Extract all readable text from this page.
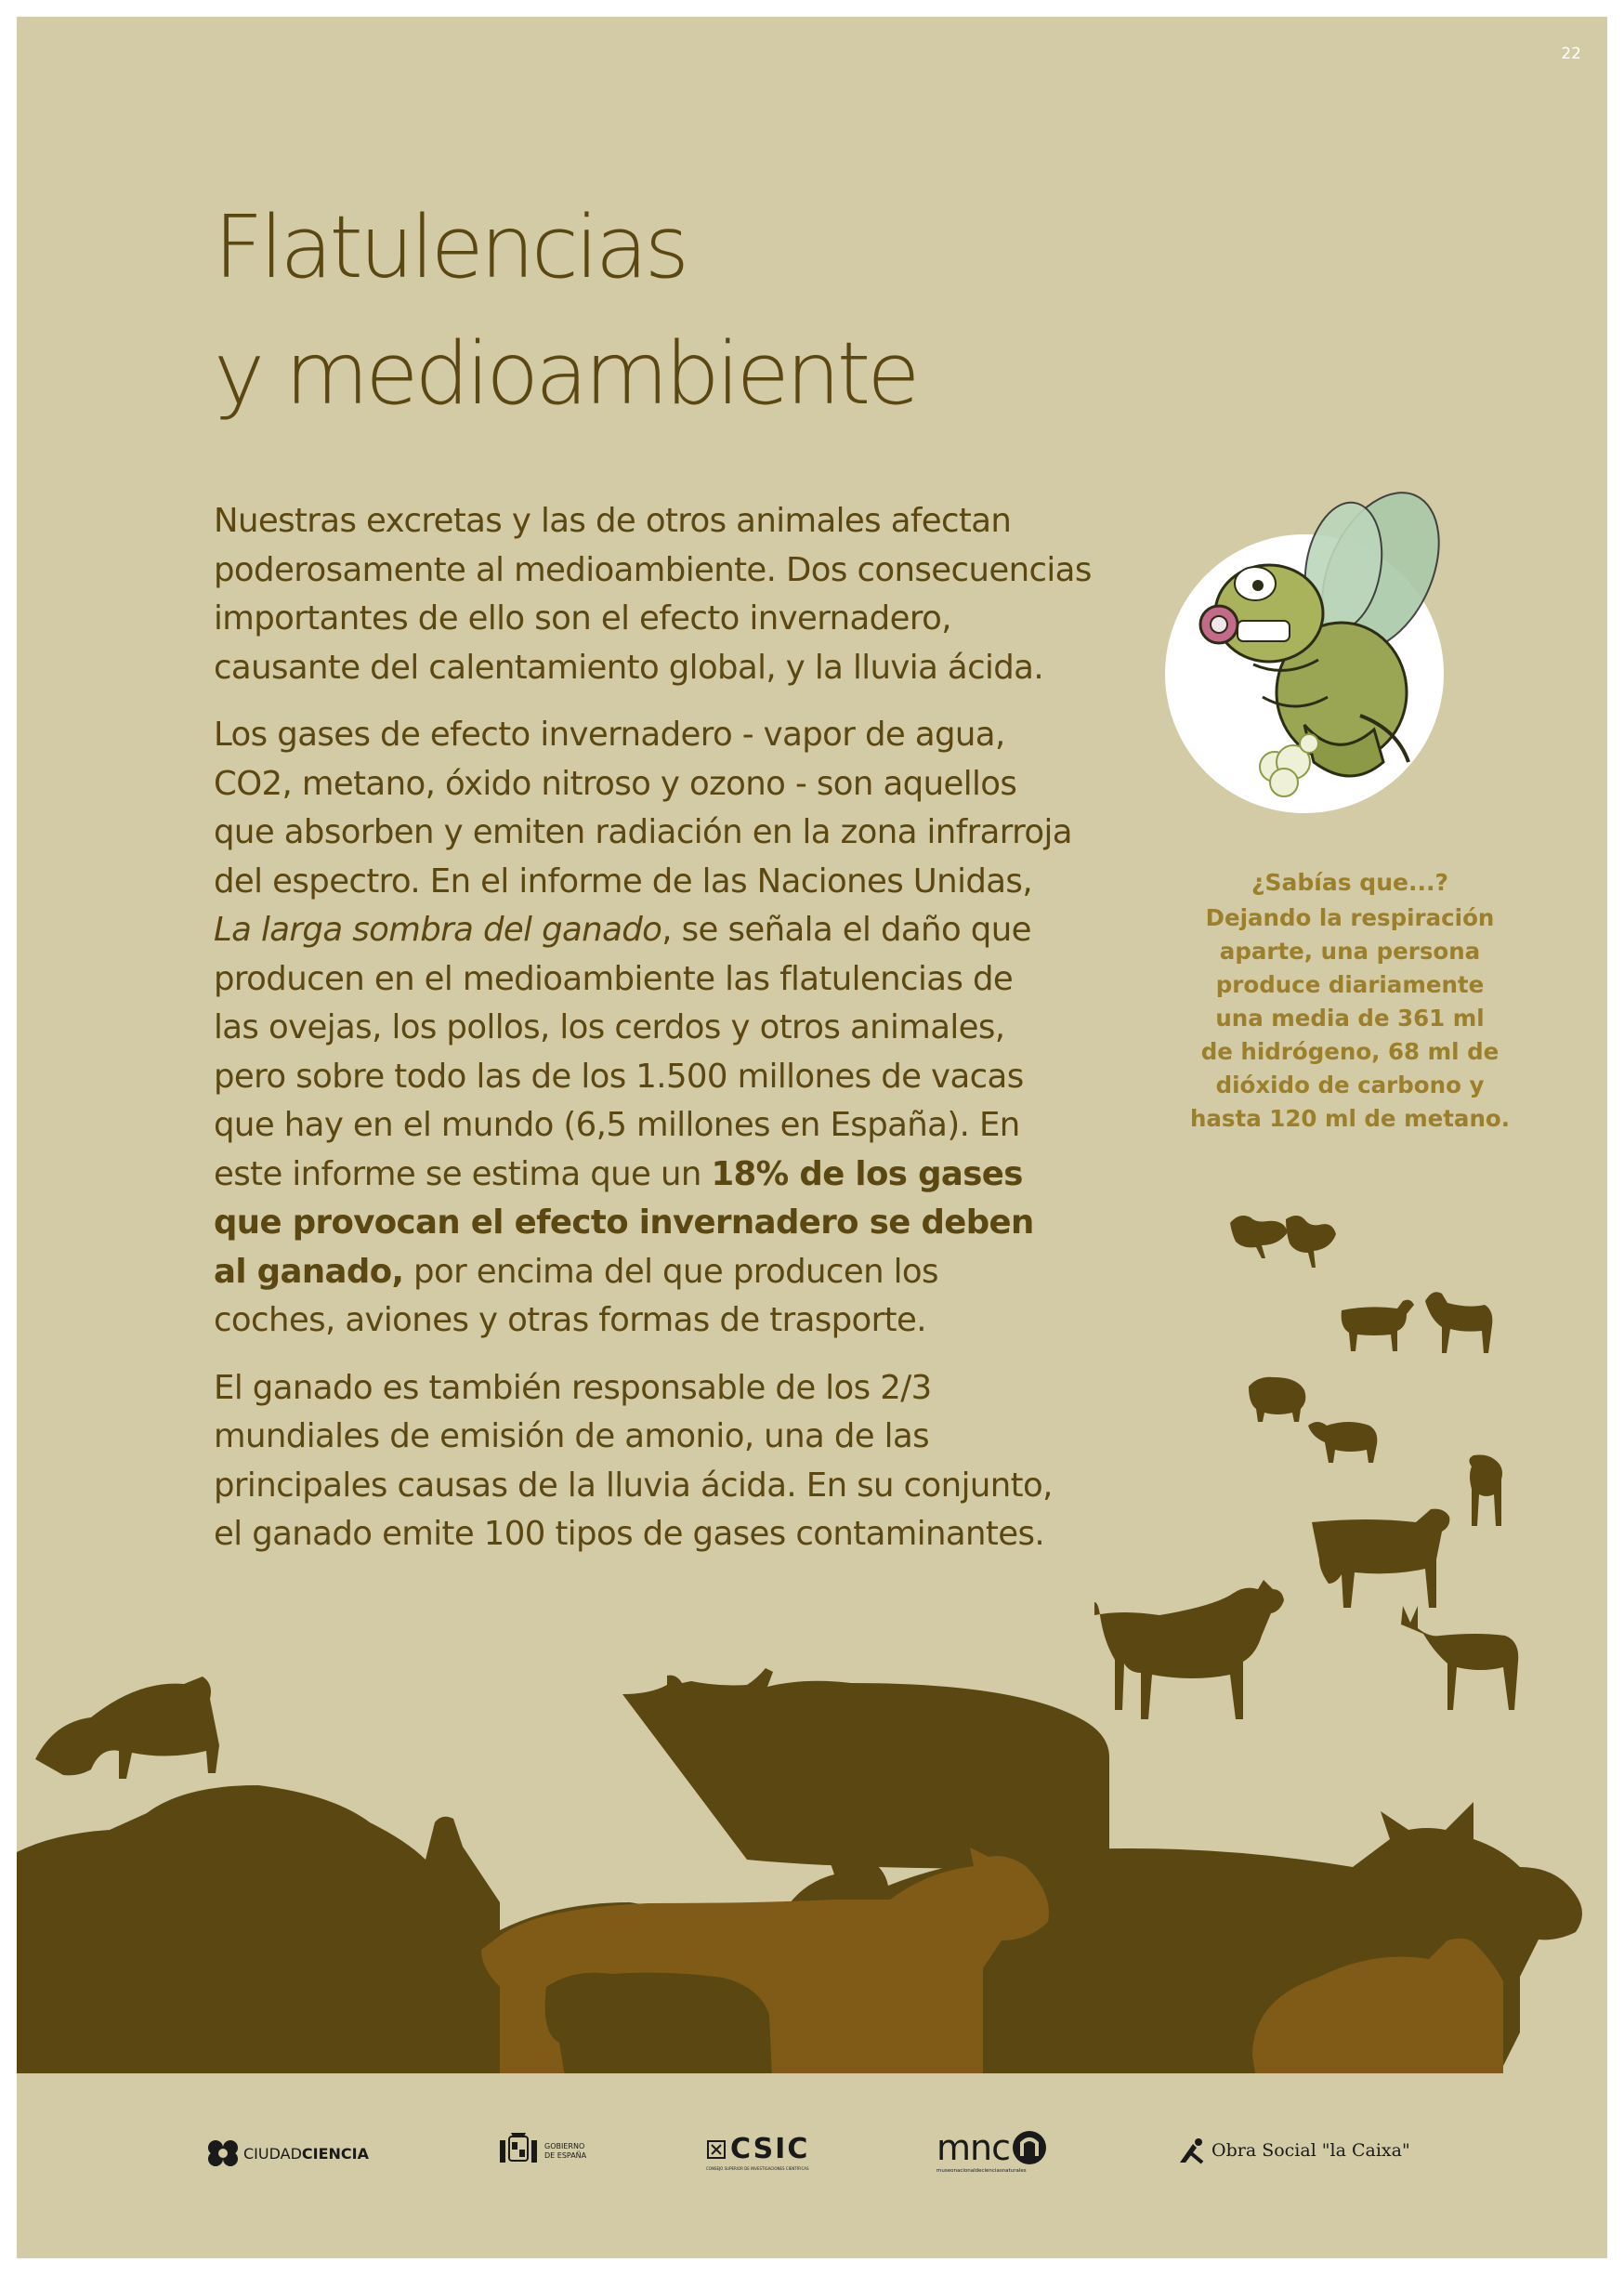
22
Flatulencias
y medioambiente

Nuestras excretas y las de otros animales afectan
poderosamente al medioambiente. Dos consecuencias
importantes de ello son el efecto invernadero,
causante del calentamiento global, y la lluvia ácida.

Los gases de efecto invernadero - vapor de agua,
CO2, metano, óxido nitroso y ozono - son aquellos
que absorben y emiten radiación en la zona infrarroja
del espectro. En el informe de las Naciones Unidas,
La larga sombra del ganado, se señala el daño que
producen en el medioambiente las flatulencias de
las ovejas, los pollos, los cerdos y otros animales,
pero sobre todo las de los 1.500 millones de vacas
que hay en el mundo (6,5 millones en España). En
este informe se estima que un 18% de los gases
que provocan el efecto invernadero se deben
al ganado, por encima del que producen los
coches, aviones y otras formas de trasporte.

El ganado es también responsable de los 2/3
mundiales de emisión de amonio, una de las
principales causas de la lluvia ácida. En su conjunto,
el ganado emite 100 tipos de gases contaminantes.

¿Sabías que...?
Dejando la respiración
aparte, una persona
produce diariamente
una media de 361 ml
de hidrógeno, 68 ml de
dióxido de carbono y
hasta 120 ml de metano.
CIUDAD CIENCIA	GOBIERNO
DE ESPAÑA	CSIC
CONSEJO SUPERIOR DE INVESTIGACIONES CIENTÍFICAS
mnc
museonacionaldecienciasnaturales
Obra Social "la Caixa"
